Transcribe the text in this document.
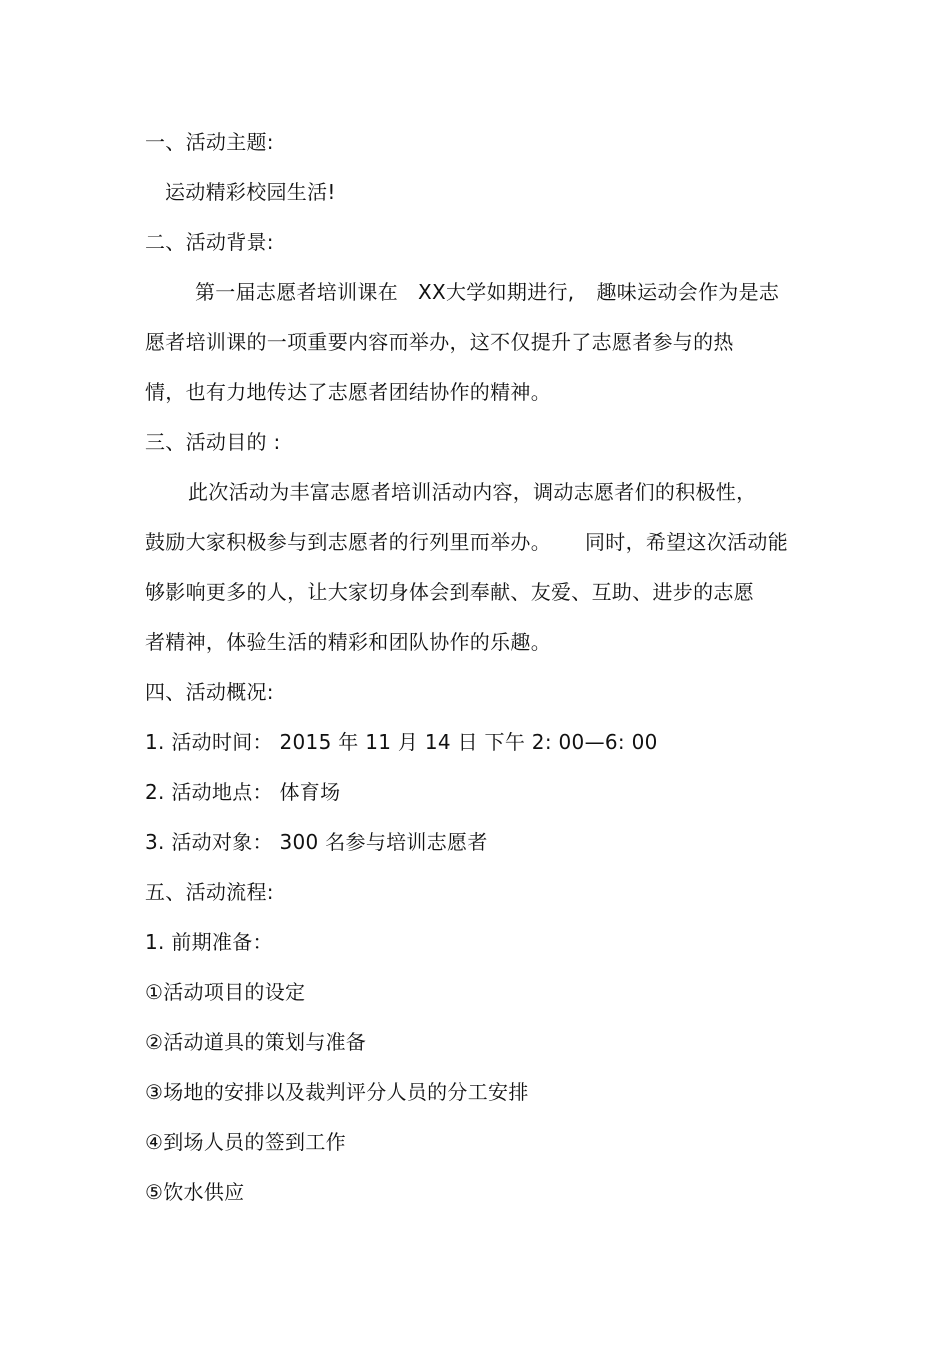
一、活动主题:
运动精彩校园生活!
二、活动背景:
第一届志愿者培训课在 XX大学如期进行, 趣味运动会作为是志
愿者培训课的一项重要内容而举办，这不仅提升了志愿者参与的热
情，也有力地传达了志愿者团结协作的精神。
三、活动目的 :
此次活动为丰富志愿者培训活动内容，调动志愿者们的积极性，
鼓励大家积极参与到志愿者的行列里而举办。 同时，希望这次活动能
够影响更多的人，让大家切身体会到奉献、友爱、互助、进步的志愿
者精神，体验生活的精彩和团队协作的乐趣。
四、活动概况:
1. 活动时间： 2015 年 11 月 14 日 下午 2: 00—6: 00
2. 活动地点： 体育场
3. 活动对象： 300 名参与培训志愿者
五、活动流程:
1. 前期准备：
①活动项目的设定
②活动道具的策划与准备
③场地的安排以及裁判评分人员的分工安排
④到场人员的签到工作
⑤饮水供应
